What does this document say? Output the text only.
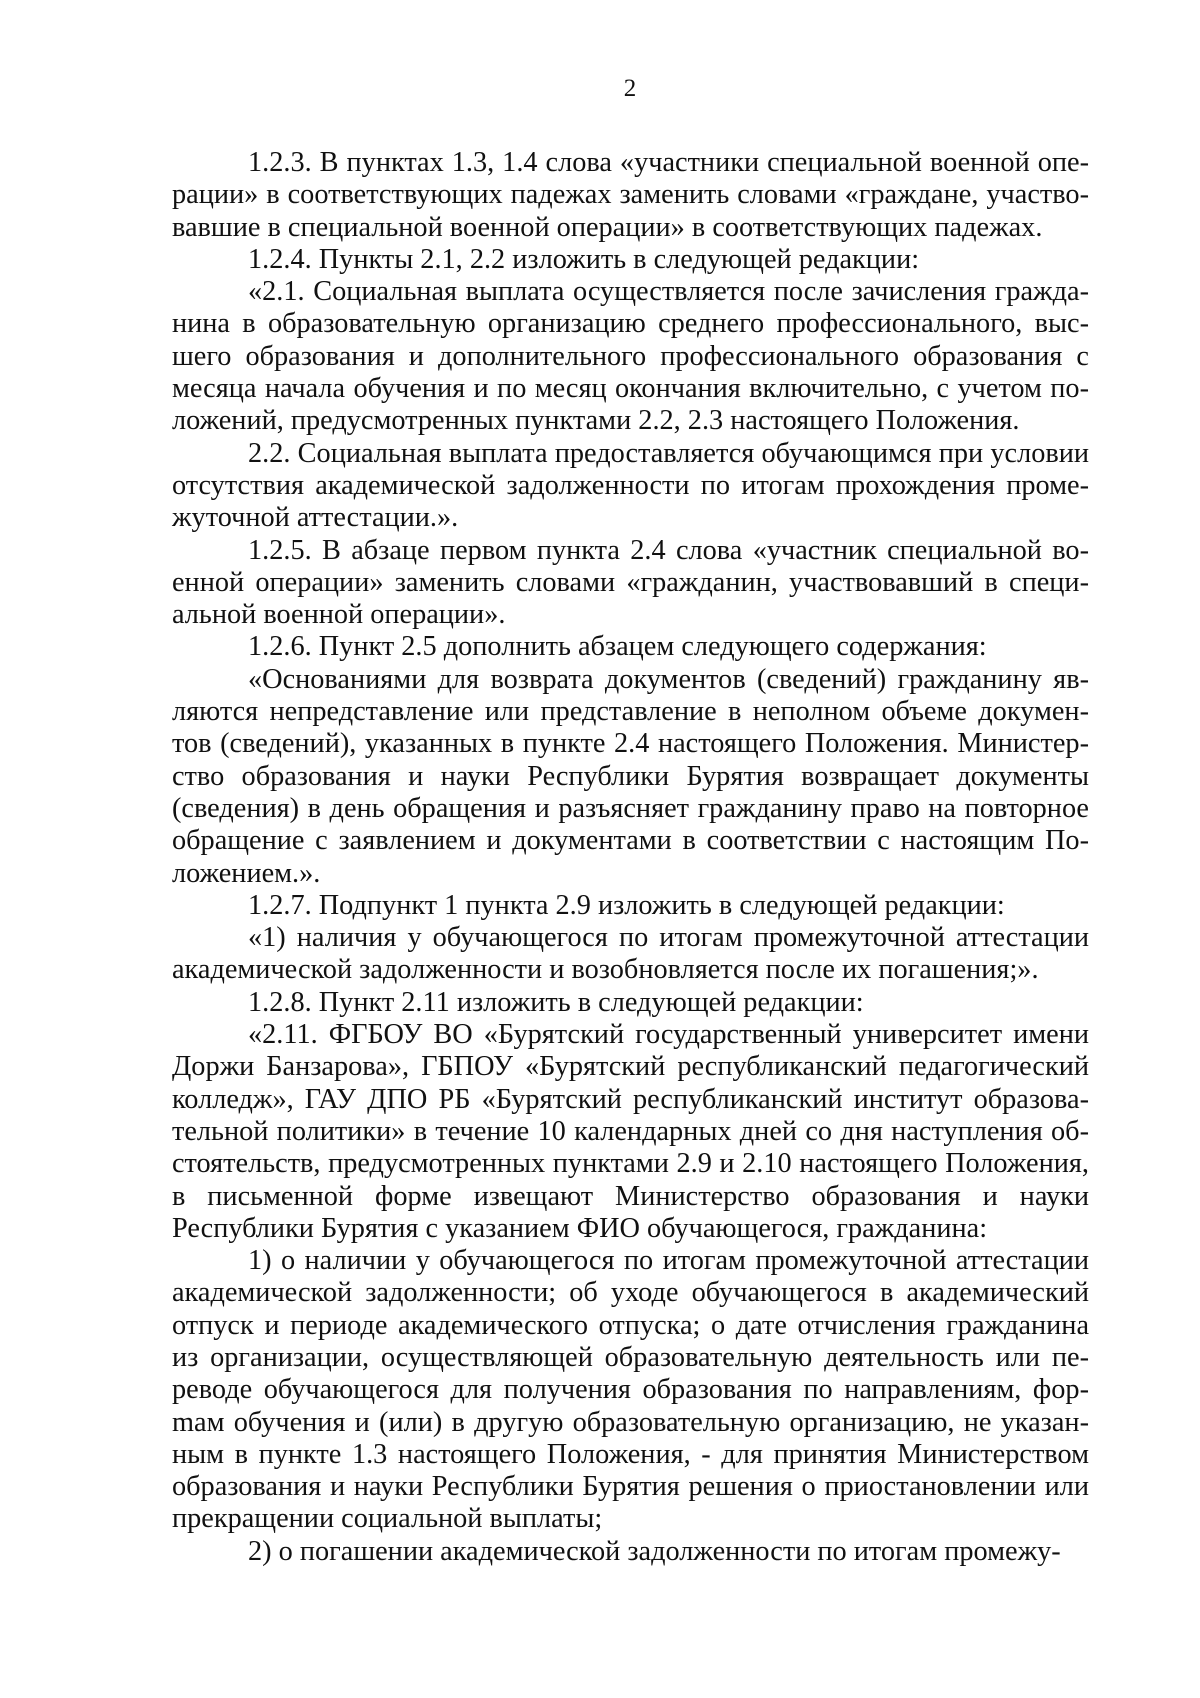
2

1.2.3. В пунктах 1.3, 1.4 слова «участники специальной военной операции» в соответствующих падежах заменить словами «граждане, участвовавшие в специальной военной операции» в соответствующих падежах.

1.2.4. Пункты 2.1, 2.2 изложить в следующей редакции:

«2.1. Социальная выплата осуществляется после зачисления гражданина в образовательную организацию среднего профессионального, высшего образования и дополнительного профессионального образования с месяца начала обучения и по месяц окончания включительно, с учетом положений, предусмотренных пунктами 2.2, 2.3 настоящего Положения.

2.2. Социальная выплата предоставляется обучающимся при условии отсутствия академической задолженности по итогам прохождения промежуточной аттестации.».

1.2.5. В абзаце первом пункта 2.4 слова «участник специальной военной операции» заменить словами «гражданин, участвовавший в специальной военной операции».

1.2.6. Пункт 2.5 дополнить абзацем следующего содержания:

«Основаниями для возврата документов (сведений) гражданину являются непредставление или представление в неполном объеме документов (сведений), указанных в пункте 2.4 настоящего Положения. Министерство образования и науки Республики Бурятия возвращает документы (сведения) в день обращения и разъясняет гражданину право на повторное обращение с заявлением и документами в соответствии с настоящим Положением.».

1.2.7. Подпункт 1 пункта 2.9 изложить в следующей редакции:

«1) наличия у обучающегося по итогам промежуточной аттестации академической задолженности и возобновляется после их погашения;».

1.2.8. Пункт 2.11 изложить в следующей редакции:

«2.11. ФГБОУ ВО «Бурятский государственный университет имени Доржи Банзарова», ГБПОУ «Бурятский республиканский педагогический колледж», ГАУ ДПО РБ «Бурятский республиканский институт образовательной политики» в течение 10 календарных дней со дня наступления обстоятельств, предусмотренных пунктами 2.9 и 2.10 настоящего Положения, в письменной форме извещают Министерство образования и науки Республики Бурятия с указанием ФИО обучающегося, гражданина:

1) о наличии у обучающегося по итогам промежуточной аттестации академической задолженности; об уходе обучающегося в академический отпуск и периоде академического отпуска; о дате отчисления гражданина из организации, осуществляющей образовательную деятельность или переводе обучающегося для получения образования по направлениям, форmам обучения и (или) в другую образовательную организацию, не указанным в пункте 1.3 настоящего Положения, - для принятия Министерством образования и науки Республики Бурятия решения о приостановлении или прекращении социальной выплаты;

2) о погашении академической задолженности по итогам промежу-
